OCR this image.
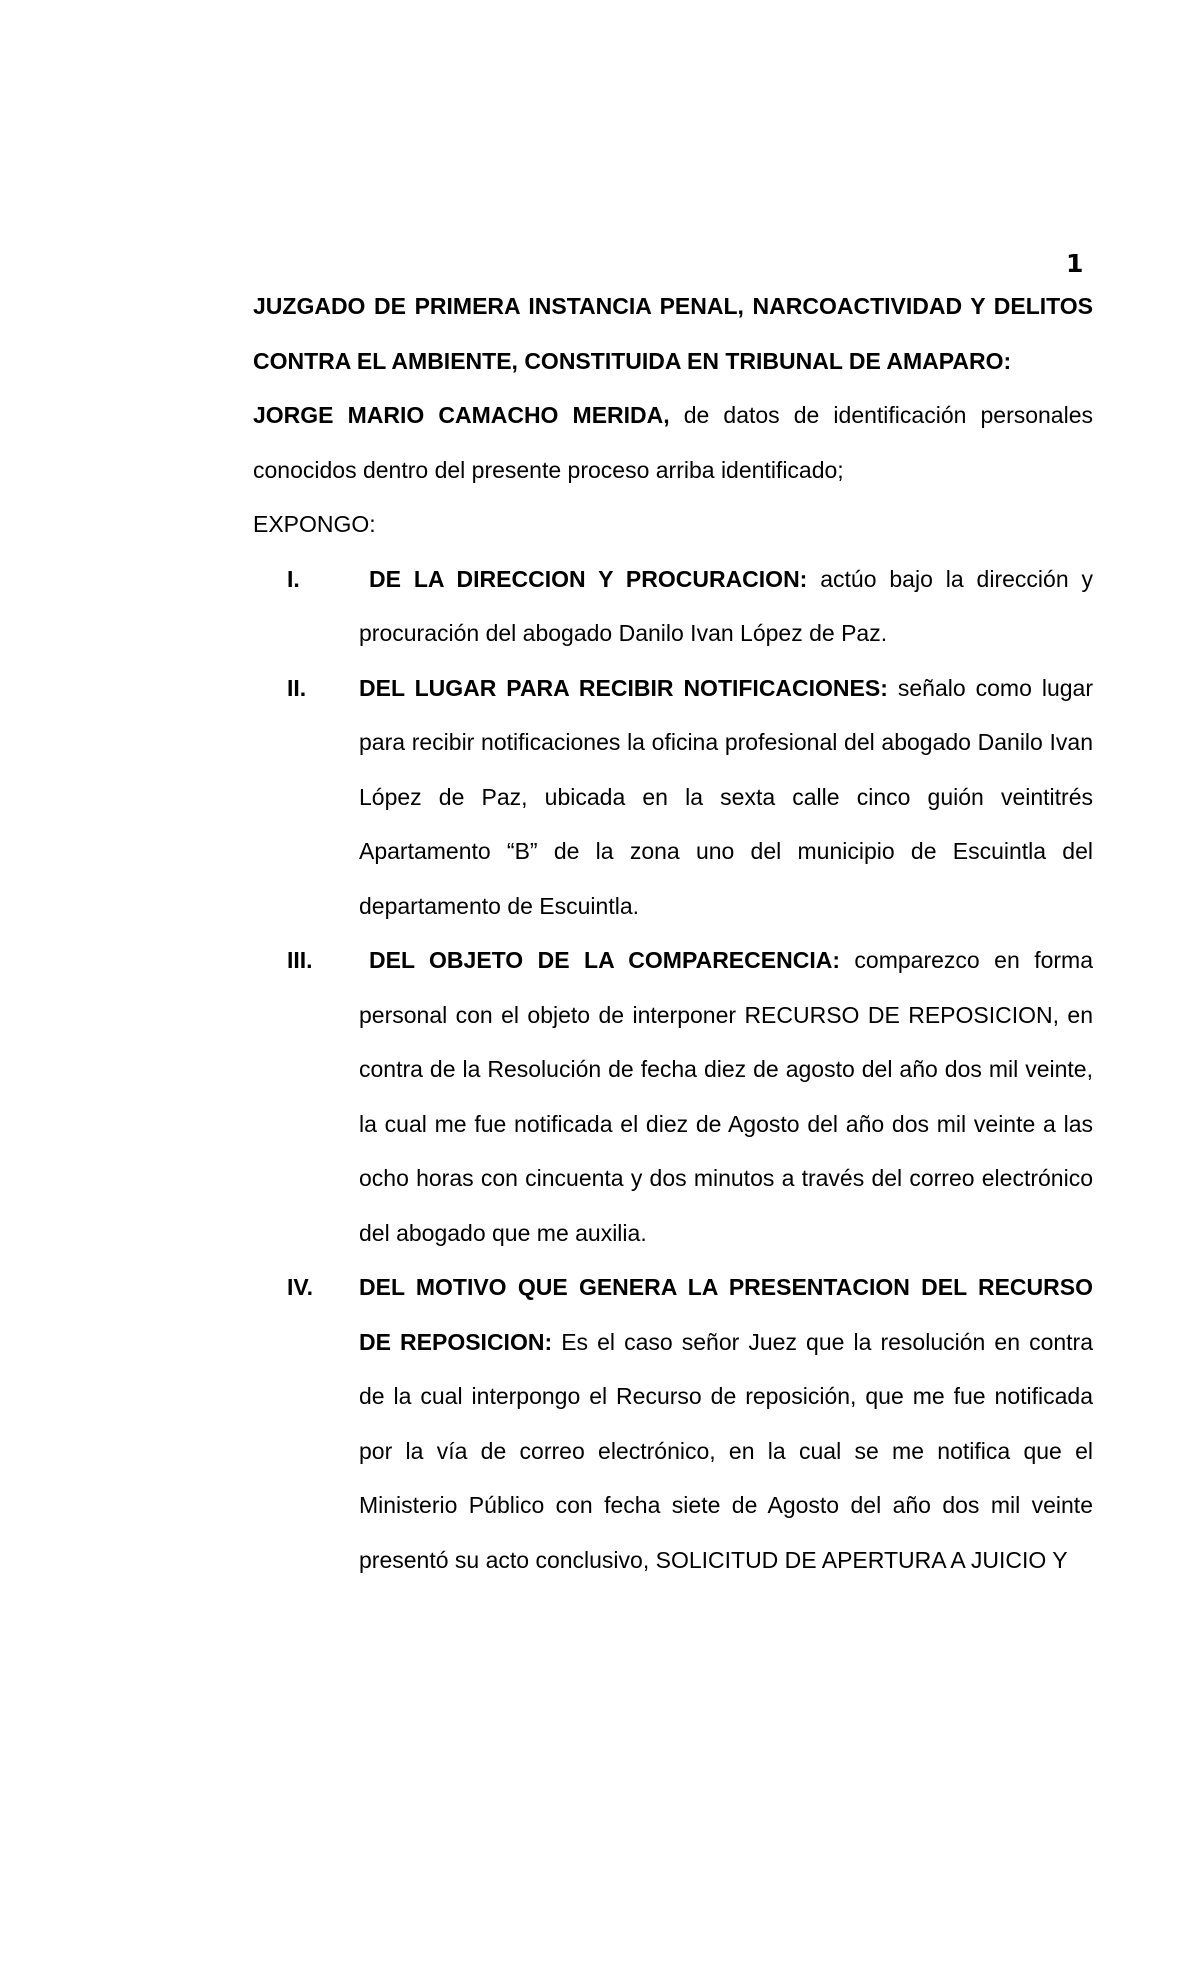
1

JUZGADO DE PRIMERA INSTANCIA PENAL, NARCOACTIVIDAD Y DELITOS CONTRA EL AMBIENTE, CONSTITUIDA EN TRIBUNAL DE AMAPARO:

JORGE MARIO CAMACHO MERIDA, de datos de identificación personales conocidos dentro del presente proceso arriba identificado;

EXPONGO:

I.	DE LA DIRECCION Y PROCURACION: actúo bajo la dirección y procuración del abogado Danilo Ivan López de Paz.

II. DEL LUGAR PARA RECIBIR NOTIFICACIONES: señalo como lugar para recibir notificaciones la oficina profesional del abogado Danilo Ivan López de Paz, ubicada en la sexta calle cinco guión veintitrés Apartamento “B” de la zona uno del municipio de Escuintla del departamento de Escuintla.

III. DEL OBJETO DE LA COMPARECENCIA: comparezco en forma personal con el objeto de interponer RECURSO DE REPOSICION, en contra de la Resolución de fecha diez de agosto del año dos mil veinte, la cual me fue notificada el diez de Agosto del año dos mil veinte a las ocho horas con cincuenta y dos minutos a través del correo electrónico del abogado que me auxilia.

IV. DEL MOTIVO QUE GENERA LA PRESENTACION DEL RECURSO DE REPOSICION: Es el caso señor Juez que la resolución en contra de la cual interpongo el Recurso de reposición, que me fue notificada por la vía de correo electrónico, en la cual se me notifica que el Ministerio Público con fecha siete de Agosto del año dos mil veinte presentó su acto conclusivo, SOLICITUD DE APERTURA A JUICIO Y
